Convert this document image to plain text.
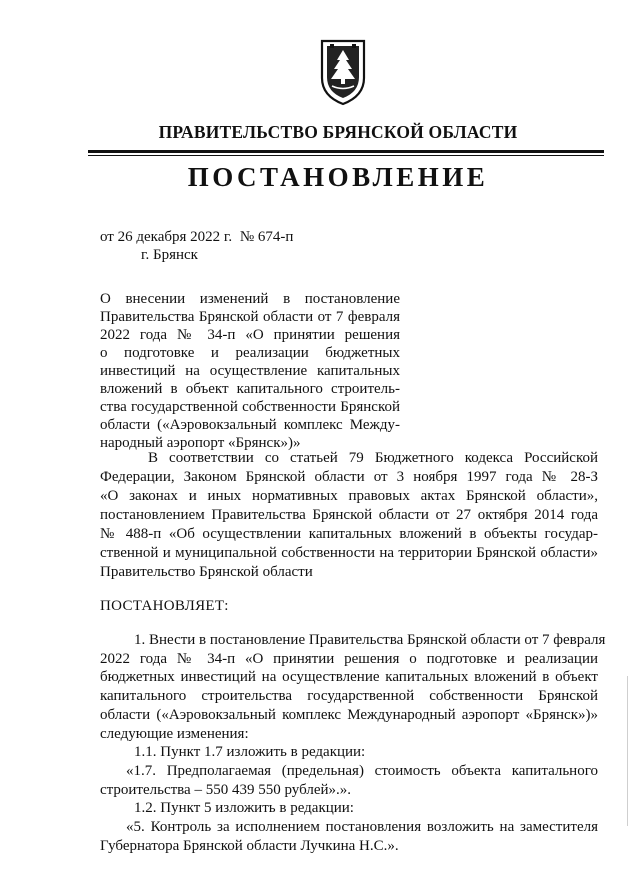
ПРАВИТЕЛЬСТВО БРЯНСКОЙ ОБЛАСТИ
ПОСТАНОВЛЕНИЕ
от 26 декабря 2022 г. № 674-п
г. Брянск
О внесении изменений в постановление
Правительства Брянской области от 7 февраля
2022 года № 34-п «О принятии решения
о подготовке и реализации бюджетных
инвестиций на осуществление капитальных
вложений в объект капитального строитель-
ства государственной собственности Брянской
области («Аэровокзальный комплекс Между-
народный аэропорт «Брянск»)»
В соответствии со статьей 79 Бюджетного кодекса Российской
Федерации, Законом Брянской области от 3 ноября 1997 года № 28-З
«О законах и иных нормативных правовых актах Брянской области»,
постановлением Правительства Брянской области от 27 октября 2014 года
№ 488-п «Об осуществлении капитальных вложений в объекты государ-
ственной и муниципальной собственности на территории Брянской области»
Правительство Брянской области
ПОСТАНОВЛЯЕТ:
1. Внести в постановление Правительства Брянской области от 7 февраля
2022 года № 34-п «О принятии решения о подготовке и реализации
бюджетных инвестиций на осуществление капитальных вложений в объект
капитального строительства государственной собственности Брянской
области («Аэровокзальный комплекс Международный аэропорт «Брянск»)»
следующие изменения:
1.1. Пункт 1.7 изложить в редакции:
«1.7. Предполагаемая (предельная) стоимость объекта капитального
строительства – 550 439 550 рублей».».
1.2. Пункт 5 изложить в редакции:
«5. Контроль за исполнением постановления возложить на заместителя
Губернатора Брянской области Лучкина Н.С.».
